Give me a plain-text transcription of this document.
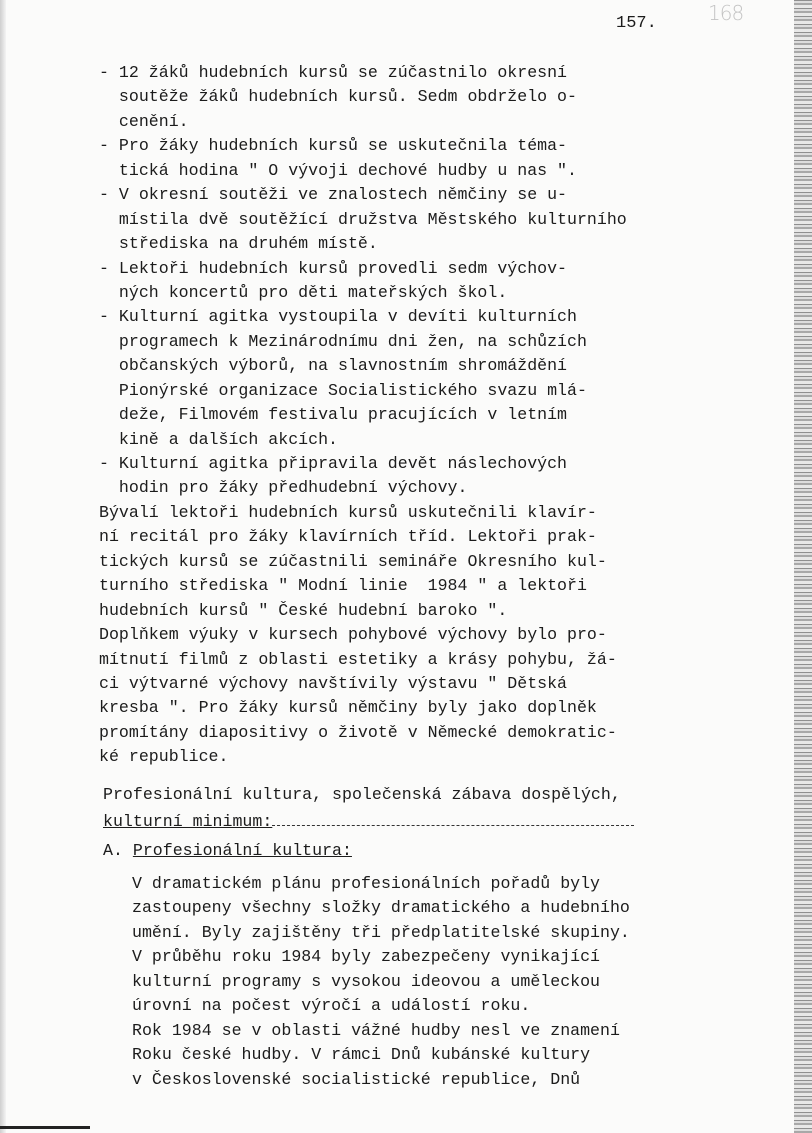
157.	168
- 12 žáků hudebních kursů se zúčastnilo okresní
soutěže žáků hudebních kursů. Sedm obdrželo o-
cenění.
- Pro žáky hudebních kursů se uskutečnila téma-
tická hodina " O vývoji dechové hudby u nas ".
- V okresní soutěži ve znalostech němčiny se u-
místila dvě soutěžící družstva Městského kulturního
střediska na druhém místě.
- Lektoři hudebních kursů provedli sedm výchov-
ných koncertů pro děti mateřských škol.
- Kulturní agitka vystoupila v devíti kulturních
programech k Mezinárodnímu dni žen, na schůzích
občanských výborů, na slavnostním shromáždění
Pionýrské organizace Socialistického svazu mlá-
deže, Filmovém festivalu pracujících v letním
kině a dalších akcích.
- Kulturní agitka připravila devět náslechových
hodin pro žáky předhudební výchovy.
Bývalí lektoři hudebních kursů uskutečnili klavír-
ní recitál pro žáky klavírních tříd. Lektoři prak-
tických kursů se zúčastnili semináře Okresního kul-
turního střediska " Modní linie  1984 " a lektoři
hudebních kursů " České hudební baroko ".
Doplňkem výuky v kursech pohybové výchovy bylo pro-
mítnutí filmů z oblasti estetiky a krásy pohybu, žá-
ci výtvarné výchovy navštívily výstavu " Dětská
kresba ". Pro žáky kursů němčiny byly jako doplněk
promítány diapositivy o životě v Německé demokratic-
ké republice.
Profesionální kultura, společenská zábava dospělých,
kulturní minimum:
A. Profesionální kultura:
V dramatickém plánu profesionálních pořadů byly
zastoupeny všechny složky dramatického a hudebního
umění. Byly zajištěny tři předplatitelské skupiny.
V průběhu roku 1984 byly zabezpečeny vynikající
kulturní programy s vysokou ideovou a uměleckou
úrovní na počest výročí a událostí roku.
Rok 1984 se v oblasti vážné hudby nesl ve znamení
Roku české hudby. V rámci Dnů kubánské kultury
v Československé socialistické republice, Dnů
